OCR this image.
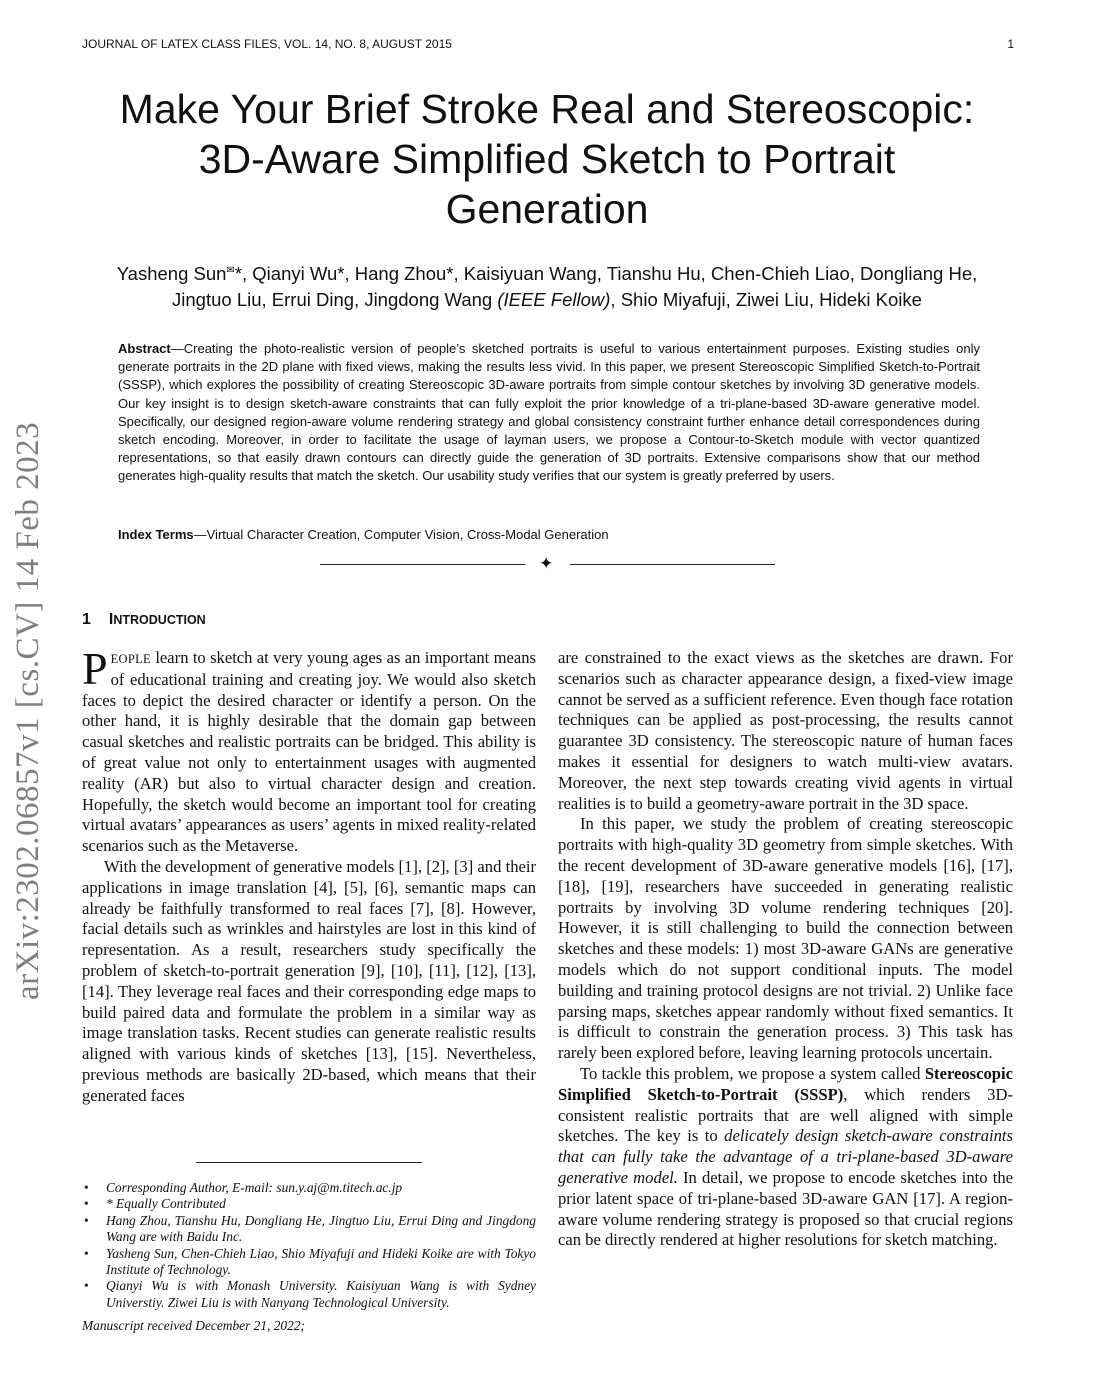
JOURNAL OF LATEX CLASS FILES, VOL. 14, NO. 8, AUGUST 2015	1
Make Your Brief Stroke Real and Stereoscopic:
3D-Aware Simplified Sketch to Portrait
Generation
Yasheng Sun✉*, Qianyi Wu*, Hang Zhou*, Kaisiyuan Wang, Tianshu Hu, Chen-Chieh Liao, Dongliang He,
Jingtuo Liu, Errui Ding, Jingdong Wang (IEEE Fellow), Shio Miyafuji, Ziwei Liu, Hideki Koike
Abstract—Creating the photo-realistic version of people’s sketched portraits is useful to various entertainment purposes. Existing studies only generate portraits in the 2D plane with fixed views, making the results less vivid. In this paper, we present Stereoscopic Simplified Sketch-to-Portrait (SSSP), which explores the possibility of creating Stereoscopic 3D-aware portraits from simple contour sketches by involving 3D generative models. Our key insight is to design sketch-aware constraints that can fully exploit the prior knowledge of a tri-plane-based 3D-aware generative model. Specifically, our designed region-aware volume rendering strategy and global consistency constraint further enhance detail correspondences during sketch encoding. Moreover, in order to facilitate the usage of layman users, we propose a Contour-to-Sketch module with vector quantized representations, so that easily drawn contours can directly guide the generation of 3D portraits. Extensive comparisons show that our method generates high-quality results that match the sketch. Our usability study verifies that our system is greatly preferred by users.
Index Terms—Virtual Character Creation, Computer Vision, Cross-Modal Generation
✦
arXiv:2302.06857v1 [cs.CV] 14 Feb 2023 1 INTRODUCTION

PEOPLE learn to sketch at very young ages as an important means of educational training and creating joy. We would also sketch faces to depict the desired character or identify a person. On the other hand, it is highly desirable that the domain gap between casual sketches and realistic portraits can be bridged. This ability is of great value not only to entertainment usages with augmented reality (AR) but also to virtual character design and creation. Hopefully, the sketch would become an important tool for creating virtual avatars’ appearances as users’ agents in mixed reality-related scenarios such as the Metaverse.

With the development of generative models [1], [2], [3] and their applications in image translation [4], [5], [6], semantic maps can already be faithfully transformed to real faces [7], [8]. However, facial details such as wrinkles and hairstyles are lost in this kind of representation. As a result, researchers study specifically the problem of sketch-to-portrait generation [9], [10], [11], [12], [13], [14]. They leverage real faces and their corresponding edge maps to build paired data and formulate the problem in a similar way as image translation tasks. Recent studies can generate realistic results aligned with various kinds of sketches [13], [15]. Nevertheless, previous methods are basically 2D-based, which means that their generated faces

are constrained to the exact views as the sketches are drawn. For scenarios such as character appearance design, a fixed-view image cannot be served as a sufficient reference. Even though face rotation techniques can be applied as post-processing, the results cannot guarantee 3D consistency. The stereoscopic nature of human faces makes it essential for designers to watch multi-view avatars. Moreover, the next step towards creating vivid agents in virtual realities is to build a geometry-aware portrait in the 3D space.

In this paper, we study the problem of creating stereoscopic portraits with high-quality 3D geometry from simple sketches. With the recent development of 3D-aware generative models [16], [17], [18], [19], researchers have succeeded in generating realistic portraits by involving 3D volume rendering techniques [20]. However, it is still challenging to build the connection between sketches and these models: 1) most 3D-aware GANs are generative models which do not support conditional inputs. The model building and training protocol designs are not trivial. 2) Unlike face parsing maps, sketches appear randomly without fixed semantics. It is difficult to constrain the generation process. 3) This task has rarely been explored before, leaving learning protocols uncertain.

To tackle this problem, we propose a system called Stereoscopic Simplified Sketch-to-Portrait (SSSP), which renders 3D-consistent realistic portraits that are well aligned with simple sketches. The key is to delicately design sketch-aware constraints that can fully take the advantage of a tri-plane-based 3D-aware generative model. In detail, we propose to encode sketches into the prior latent space of tri-plane-based 3D-aware GAN [17]. A region-aware volume rendering strategy is proposed so that crucial regions can be directly rendered at higher resolutions for sketch matching.

• Corresponding Author, E-mail: sun.y.aj@m.titech.ac.jp
• * Equally Contributed
• Hang Zhou, Tianshu Hu, Dongliang He, Jingtuo Liu, Errui Ding and Jingdong Wang are with Baidu Inc.
• Yasheng Sun, Chen-Chieh Liao, Shio Miyafuji and Hideki Koike are with Tokyo Institute of Technology.
• Qianyi Wu is with Monash University. Kaisiyuan Wang is with Sydney Universtiy. Ziwei Liu is with Nanyang Technological University.
Manuscript received December 21, 2022;
